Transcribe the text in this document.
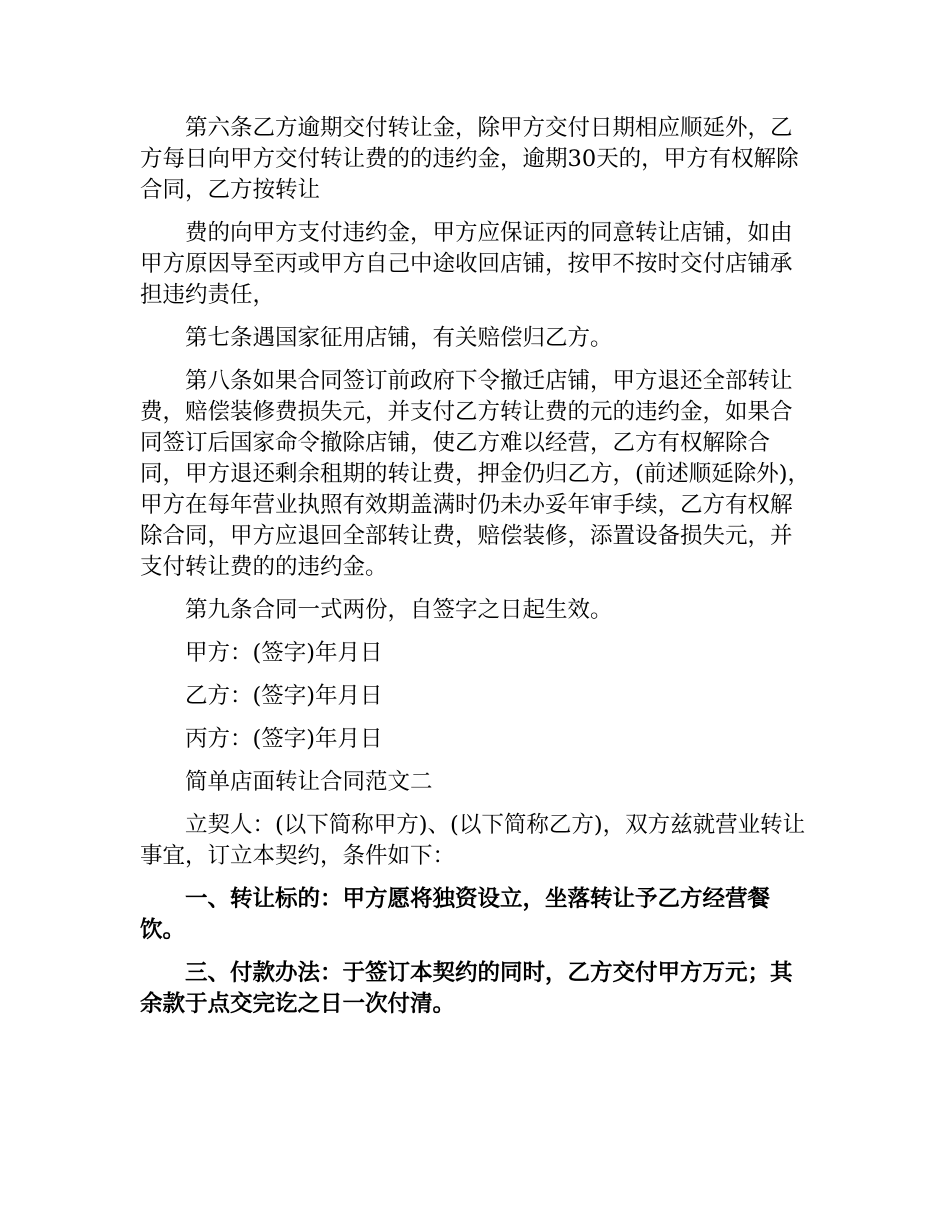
第六条乙方逾期交付转让金，除甲方交付日期相应顺延外，乙方每日向甲方交付转让费的的违约金，逾期30天的，甲方有权解除合同，乙方按转让

费的向甲方支付违约金，甲方应保证丙的同意转让店铺，如由甲方原因导至丙或甲方自己中途收回店铺，按甲不按时交付店铺承担违约责任，

第七条遇国家征用店铺，有关赔偿归乙方。

第八条如果合同签订前政府下令撤迁店铺，甲方退还全部转让费，赔偿装修费损失元，并支付乙方转让费的元的违约金，如果合同签订后国家命令撤除店铺，使乙方难以经营，乙方有权解除合同，甲方退还剩余租期的转让费，押金仍归乙方，(前述顺延除外)，甲方在每年营业执照有效期盖满时仍未办妥年审手续，乙方有权解除合同，甲方应退回全部转让费，赔偿装修，添置设备损失元，并支付转让费的的违约金。

第九条合同一式两份，自签字之日起生效。

甲方：(签字)年月日

乙方：(签字)年月日

丙方：(签字)年月日

简单店面转让合同范文二

立契人：(以下简称甲方)、(以下简称乙方)，双方兹就营业转让事宜，订立本契约，条件如下：

一、转让标的：甲方愿将独资设立，坐落转让予乙方经营餐饮。

三、付款办法：于签订本契约的同时，乙方交付甲方万元；其余款于点交完讫之日一次付清。
